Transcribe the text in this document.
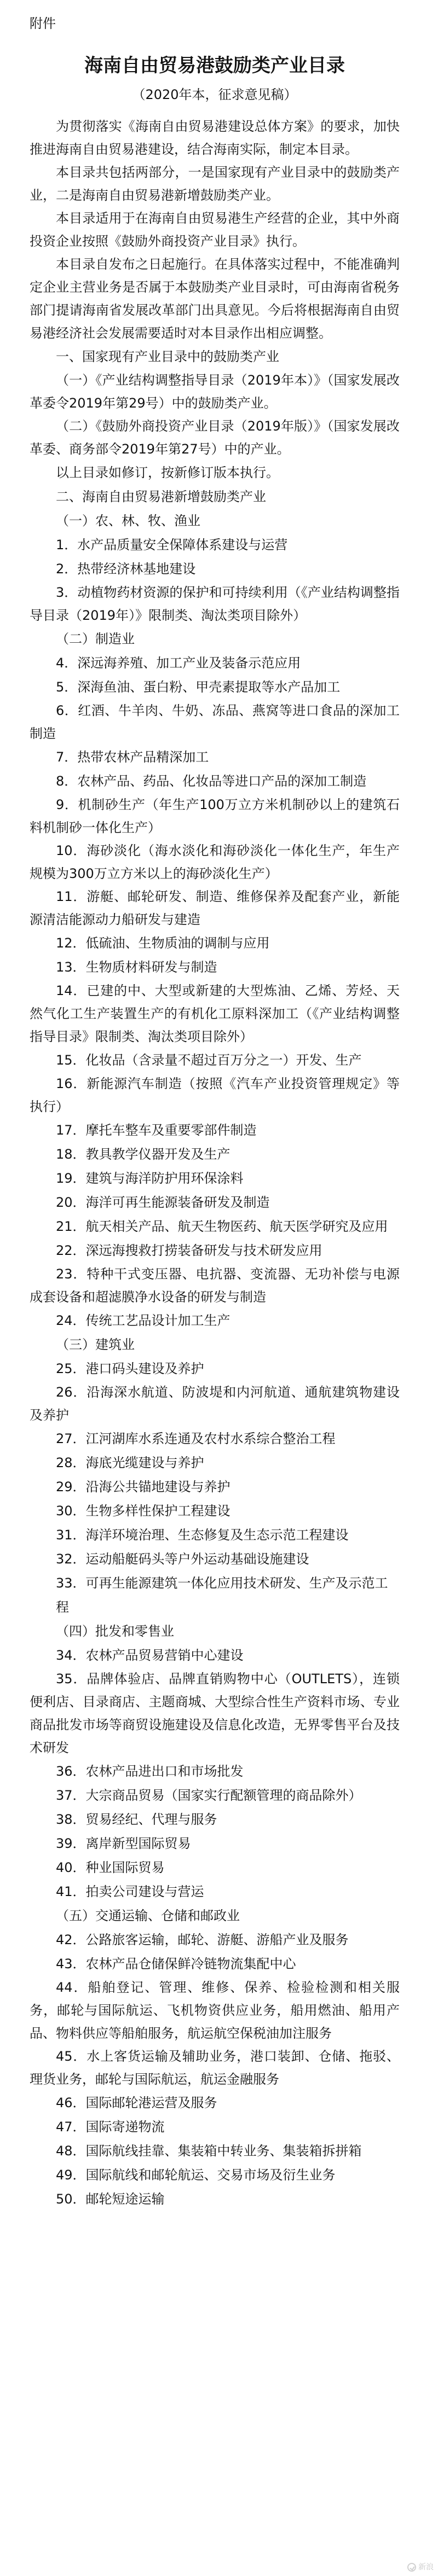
附件
海南自由贸易港鼓励类产业目录
（2020年本，征求意见稿）

为贯彻落实《海南自由贸易港建设总体方案》的要求，加快推进海南自由贸易港建设，结合海南实际，制定本目录。

本目录共包括两部分，一是国家现有产业目录中的鼓励类产业，二是海南自由贸易港新增鼓励类产业。

本目录适用于在海南自由贸易港生产经营的企业，其中外商投资企业按照《鼓励外商投资产业目录》执行。

本目录自发布之日起施行。在具体落实过程中，不能准确判定企业主营业务是否属于本鼓励类产业目录时，可由海南省税务部门提请海南省发展改革部门出具意见。今后将根据海南自由贸易港经济社会发展需要适时对本目录作出相应调整。

一、国家现有产业目录中的鼓励类产业

（一）《产业结构调整指导目录（2019年本）》（国家发展改革委令2019年第29号）中的鼓励类产业。

（二）《鼓励外商投资产业目录（2019年版）》（国家发展改革委、商务部令2019年第27号）中的产业。

以上目录如修订，按新修订版本执行。

二、海南自由贸易港新增鼓励类产业

（一）农、林、牧、渔业

1．水产品质量安全保障体系建设与运营

2．热带经济林基地建设

3．动植物药材资源的保护和可持续利用（《产业结构调整指导目录（2019年）》限制类、淘汰类项目除外）

（二）制造业

4．深远海养殖、加工产业及装备示范应用

5．深海鱼油、蛋白粉、甲壳素提取等水产品加工

6．红酒、牛羊肉、牛奶、冻品、燕窝等进口食品的深加工制造

7．热带农林产品精深加工

8．农林产品、药品、化妆品等进口产品的深加工制造

9．机制砂生产（年生产100万立方米机制砂以上的建筑石料机制砂一体化生产）

10．海砂淡化（海水淡化和海砂淡化一体化生产，年生产规模为300万立方米以上的海砂淡化生产）

11．游艇、邮轮研发、制造、维修保养及配套产业，新能源清洁能源动力船研发与建造

12．低硫油、生物质油的调制与应用

13．生物质材料研发与制造

14．已建的中、大型或新建的大型炼油、乙烯、芳烃、天然气化工生产装置生产的有机化工原料深加工（《产业结构调整指导目录》限制类、淘汰类项目除外）

15．化妆品（含录量不超过百万分之一）开发、生产

16．新能源汽车制造（按照《汽车产业投资管理规定》等执行）

17．摩托车整车及重要零部件制造

18．教具教学仪器开发及生产

19．建筑与海洋防护用环保涂料

20．海洋可再生能源装备研发及制造

21．航天相关产品、航天生物医药、航天医学研究及应用

22．深远海搜救打捞装备研发与技术研发应用

23．特种干式变压器、电抗器、变流器、无功补偿与电源成套设备和超滤膜净水设备的研发与制造

24．传统工艺品设计加工生产

（三）建筑业

25．港口码头建设及养护

26．沿海深水航道、防波堤和内河航道、通航建筑物建设及养护

27．江河湖库水系连通及农村水系综合整治工程

28．海底光缆建设与养护

29．沿海公共锚地建设与养护

30．生物多样性保护工程建设

31．海洋环境治理、生态修复及生态示范工程建设

32．运动船艇码头等户外运动基础设施建设

33．可再生能源建筑一体化应用技术研发、生产及示范工程

（四）批发和零售业

34．农林产品贸易营销中心建设

35．品牌体验店、品牌直销购物中心（OUTLETS），连锁便利店、目录商店、主题商城、大型综合性生产资料市场、专业商品批发市场等商贸设施建设及信息化改造，无界零售平台及技术研发

36．农林产品进出口和市场批发

37．大宗商品贸易（国家实行配额管理的商品除外）

38．贸易经纪、代理与服务

39．离岸新型国际贸易

40．种业国际贸易

41．拍卖公司建设与营运

（五）交通运输、仓储和邮政业

42．公路旅客运输，邮轮、游艇、游船产业及服务

43．农林产品仓储保鲜冷链物流集配中心

44．船舶登记、管理、维修、保养、检验检测和相关服务，邮轮与国际航运、飞机物资供应业务，船用燃油、船用产品、物料供应等船舶服务，航运航空保税油加注服务

45．水上客货运输及辅助业务，港口装卸、仓储、拖驳、理货业务，邮轮与国际航运，航运金融服务

46．国际邮轮港运营及服务

47．国际寄递物流

48．国际航线挂靠、集装箱中转业务、集装箱拆拼箱

49．国际航线和邮轮航运、交易市场及衍生业务

50．邮轮短途运输

新浪
